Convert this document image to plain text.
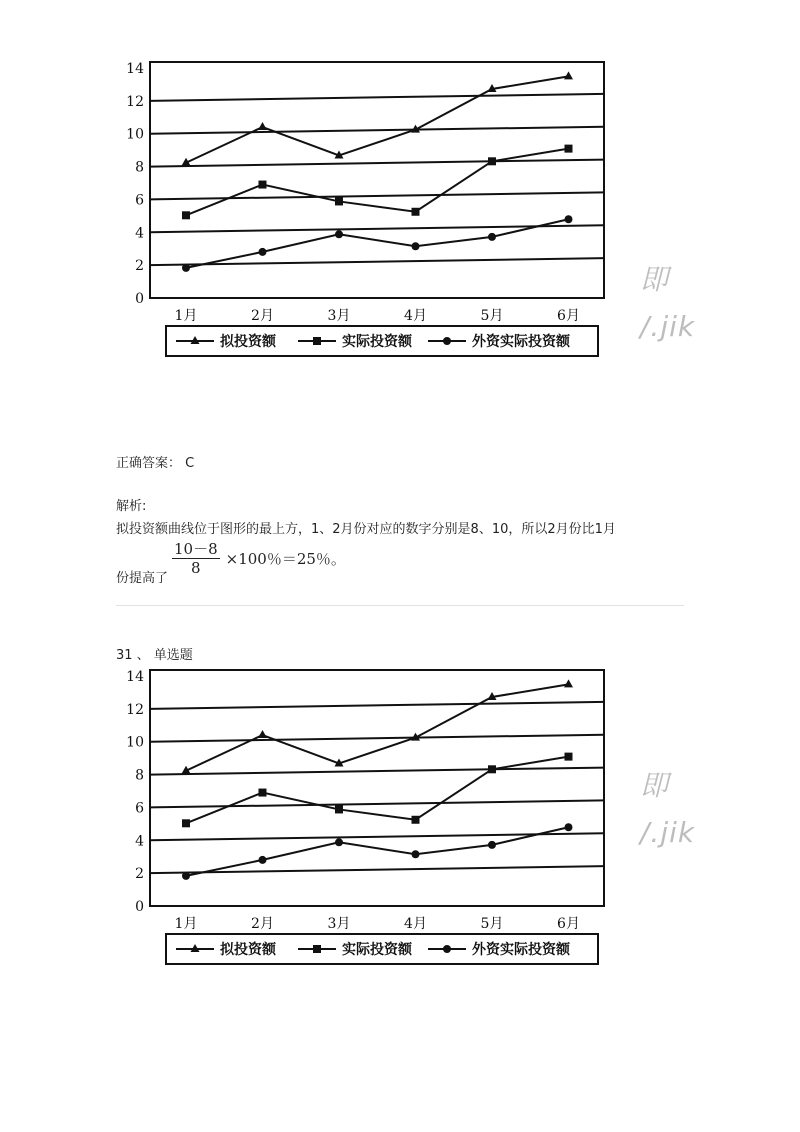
0
2
4
6
8
10
12
14
1月	2月	3月	4月	5月	6月
拟投资额	实际投资额	外资实际投资额
正确答案： C
解析:
拟投资额曲线位于图形的最上方，1、2月份对应的数字分别是8、10，所以2月份比1月
$\frac{10-8}{8} \times 100$％＝25％。
份提高了
31 、 单选题
0
2
4
6
8
10
12
14
1月	2月	3月	4月	5月	6月
拟投资额	实际投资额	外资实际投资额
即
/.jik
即
/.jik
